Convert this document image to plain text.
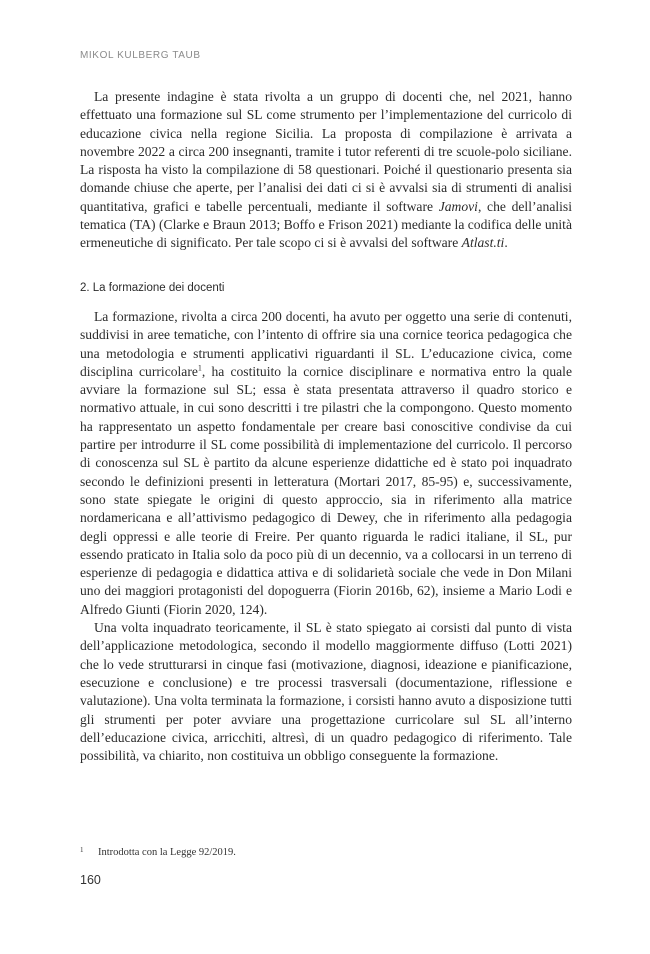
MIKOL KULBERG TAUB

La presente indagine è stata rivolta a un gruppo di docenti che, nel 2021, hanno effettuato una formazione sul SL come strumento per l’implementazione del curricolo di educazione civica nella regione Sicilia. La proposta di compilazione è arrivata a novembre 2022 a circa 200 insegnanti, tramite i tutor referenti di tre scuole-polo siciliane. La risposta ha visto la compilazione di 58 questionari. Poiché il questionario presenta sia domande chiuse che aperte, per l’analisi dei dati ci si è avvalsi sia di strumenti di analisi quantitativa, grafici e tabelle percentuali, mediante il software Jamovi, che dell’analisi tematica (TA) (Clarke e Braun 2013; Boffo e Frison 2021) mediante la codifica delle unità ermeneutiche di significato. Per tale scopo ci si è avvalsi del software Atlast.ti.

2. La formazione dei docenti

La formazione, rivolta a circa 200 docenti, ha avuto per oggetto una serie di contenuti, suddivisi in aree tematiche, con l’intento di offrire sia una cornice teorica pedagogica che una metodologia e strumenti applicativi riguardanti il SL. L’educazione civica, come disciplina curricolare$^1$, ha costituito la cornice disciplinare e normativa entro la quale avviare la formazione sul SL; essa è stata presentata attraverso il quadro storico e normativo attuale, in cui sono descritti i tre pilastri che la compongono. Questo momento ha rappresentato un aspetto fondamentale per creare basi conoscitive condivise da cui partire per introdurre il SL come possibilità di implementazione del curricolo. Il percorso di conoscenza sul SL è partito da alcune esperienze didattiche ed è stato poi inquadrato secondo le definizioni presenti in letteratura (Mortari 2017, 85-95) e, successivamente, sono state spiegate le origini di questo approccio, sia in riferimento alla matrice nordamericana e all’attivismo pedagogico di Dewey, che in riferimento alla pedagogia degli oppressi e alle teorie di Freire. Per quanto riguarda le radici italiane, il SL, pur essendo praticato in Italia solo da poco più di un decennio, va a collocarsi in un terreno di esperienze di pedagogia e didattica attiva e di solidarietà sociale che vede in Don Milani uno dei maggiori protagonisti del dopoguerra (Fiorin 2016b, 62), insieme a Mario Lodi e Alfredo Giunti (Fiorin 2020, 124).

Una volta inquadrato teoricamente, il SL è stato spiegato ai corsisti dal punto di vista dell’applicazione metodologica, secondo il modello maggiormente diffuso (Lotti 2021) che lo vede strutturarsi in cinque fasi (motivazione, diagnosi, ideazione e pianificazione, esecuzione e conclusione) e tre processi trasversali (documentazione, riflessione e valutazione). Una volta terminata la formazione, i corsisti hanno avuto a disposizione tutti gli strumenti per poter avviare una progettazione curricolare sul SL all’interno dell’educazione civica, arricchiti, altresì, di un quadro pedagogico di riferimento. Tale possibilità, va chiarito, non costituiva un obbligo conseguente la formazione.

1 Introdotta con la Legge 92/2019.
160
